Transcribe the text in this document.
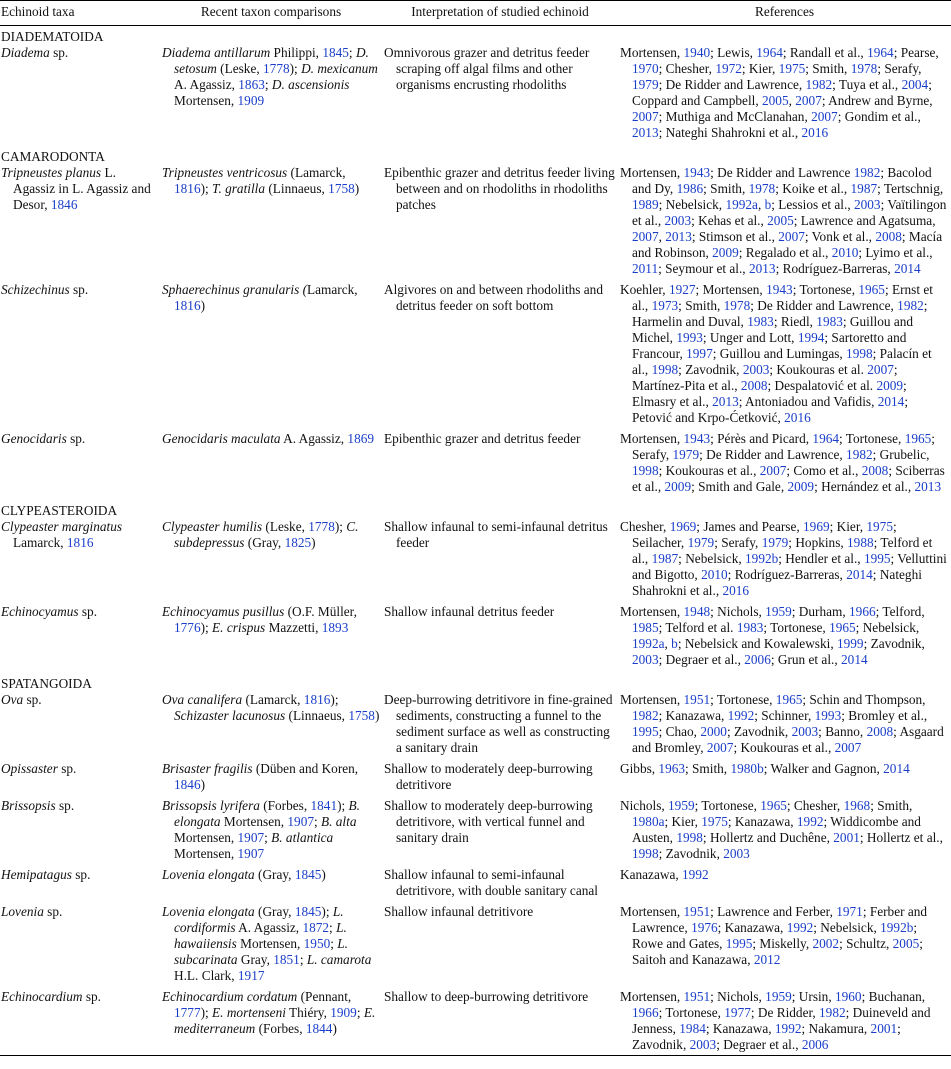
Echinoid taxa	Recent taxon comparisons	Interpretation of studied echinoid	References
DIADEMATOIDA			

Diadema sp.	Diadema antillarum Philippi, 1845; D. setosum (Leske, 1778); D. mexicanum A. Agassiz, 1863; D. ascensionis Mortensen, 1909	Omnivorous grazer and detritus feeder scraping off algal films and other organisms encrusting rhodoliths	Mortensen, 1940; Lewis, 1964; Randall et al., 1964; Pearse, 1970; Chesher, 1972; Kier, 1975; Smith, 1978; Serafy, 1979; De Ridder and Lawrence, 1982; Tuya et al., 2004; Coppard and Campbell, 2005, 2007; Andrew and Byrne, 2007; Muthiga and McClanahan, 2007; Gondim et al., 2013; Nateghi Shahrokni et al., 2016

CAMARODONTA			

Tripneustes planus L. Agassiz in L. Agassiz and Desor, 1846	Tripneustes ventricosus (Lamarck, 1816); T. gratilla (Linnaeus, 1758)	Epibenthic grazer and detritus feeder living between and on rhodoliths in rhodoliths patches	Mortensen, 1943; De Ridder and Lawrence 1982; Bacolod and Dy, 1986; Smith, 1978; Koike et al., 1987; Tertschnig, 1989; Nebelsick, 1992a, b; Lessios et al., 2003; Vaïtilingon et al., 2003; Kehas et al., 2005; Lawrence and Agatsuma, 2007, 2013; Stimson et al., 2007; Vonk et al., 2008; Macía and Robinson, 2009; Regalado et al., 2010; Lyimo et al., 2011; Seymour et al., 2013; Rodríguez-Barreras, 2014

Schizechinus sp.	Sphaerechinus granularis (Lamarck, 1816)	Algivores on and between rhodoliths and detritus feeder on soft bottom	Koehler, 1927; Mortensen, 1943; Tortonese, 1965; Ernst et al., 1973; Smith, 1978; De Ridder and Lawrence, 1982; Harmelin and Duval, 1983; Riedl, 1983; Guillou and Michel, 1993; Unger and Lott, 1994; Sartoretto and Francour, 1997; Guillou and Lumingas, 1998; Palacín et al., 1998; Zavodnik, 2003; Koukouras et al. 2007; Martínez-Pita et al., 2008; Despalatović et al. 2009; Elmasry et al., 2013; Antoniadou and Vafidis, 2014; Petović and Krpo-Ćetković, 2016

Genocidaris sp.	Genocidaris maculata A. Agassiz, 1869	Epibenthic grazer and detritus feeder	Mortensen, 1943; Pérès and Picard, 1964; Tortonese, 1965; Serafy, 1979; De Ridder and Lawrence, 1982; Grubelic, 1998; Koukouras et al., 2007; Como et al., 2008; Sciberras et al., 2009; Smith and Gale, 2009; Hernández et al., 2013

CLYPEASTEROIDA			

Clypeaster marginatus Lamarck, 1816	Clypeaster humilis (Leske, 1778); C. subdepressus (Gray, 1825)	Shallow infaunal to semi-infaunal detritus feeder	Chesher, 1969; James and Pearse, 1969; Kier, 1975; Seilacher, 1979; Serafy, 1979; Hopkins, 1988; Telford et al., 1987; Nebelsick, 1992b; Hendler et al., 1995; Velluttini and Bigotto, 2010; Rodríguez-Barreras, 2014; Nateghi Shahrokni et al., 2016

Echinocyamus sp.	Echinocyamus pusillus (O.F. Müller, 1776); E. crispus Mazzetti, 1893	Shallow infaunal detritus feeder	Mortensen, 1948; Nichols, 1959; Durham, 1966; Telford, 1985; Telford et al. 1983; Tortonese, 1965; Nebelsick, 1992a, b; Nebelsick and Kowalewski, 1999; Zavodnik, 2003; Degraer et al., 2006; Grun et al., 2014

SPATANGOIDA			

Ova sp.	Ova canalifera (Lamarck, 1816); Schizaster lacunosus (Linnaeus, 1758)	Deep-burrowing detritivore in fine-grained sediments, constructing a funnel to the sediment surface as well as constructing a sanitary drain	Mortensen, 1951; Tortonese, 1965; Schin and Thompson, 1982; Kanazawa, 1992; Schinner, 1993; Bromley et al., 1995; Chao, 2000; Zavodnik, 2003; Banno, 2008; Asgaard and Bromley, 2007; Koukouras et al., 2007

Opissaster sp.	Brisaster fragilis (Düben and Koren, 1846)	Shallow to moderately deep-burrowing detritivore	Gibbs, 1963; Smith, 1980b; Walker and Gagnon, 2014

Brissopsis sp.	Brissopsis lyrifera (Forbes, 1841); B. elongata Mortensen, 1907; B. alta Mortensen, 1907; B. atlantica Mortensen, 1907	Shallow to moderately deep-burrowing detritivore, with vertical funnel and sanitary drain	Nichols, 1959; Tortonese, 1965; Chesher, 1968; Smith, 1980a; Kier, 1975; Kanazawa, 1992; Widdicombe and Austen, 1998; Hollertz and Duchêne, 2001; Hollertz et al., 1998; Zavodnik, 2003

Hemipatagus sp.	Lovenia elongata (Gray, 1845)	Shallow infaunal to semi-infaunal detritivore, with double sanitary canal	Kanazawa, 1992

Lovenia sp.	Lovenia elongata (Gray, 1845); L. cordiformis A. Agassiz, 1872; L. hawaiiensis Mortensen, 1950; L. subcarinata Gray, 1851; L. camarota H.L. Clark, 1917	Shallow infaunal detritivore	Mortensen, 1951; Lawrence and Ferber, 1971; Ferber and Lawrence, 1976; Kanazawa, 1992; Nebelsick, 1992b; Rowe and Gates, 1995; Miskelly, 2002; Schultz, 2005; Saitoh and Kanazawa, 2012

Echinocardium sp.	Echinocardium cordatum (Pennant, 1777); E. mortenseni Thiéry, 1909; E. mediterraneum (Forbes, 1844)	Shallow to deep-burrowing detritivore	Mortensen, 1951; Nichols, 1959; Ursin, 1960; Buchanan, 1966; Tortonese, 1977; De Ridder, 1982; Duineveld and Jenness, 1984; Kanazawa, 1992; Nakamura, 2001; Zavodnik, 2003; Degraer et al., 2006
